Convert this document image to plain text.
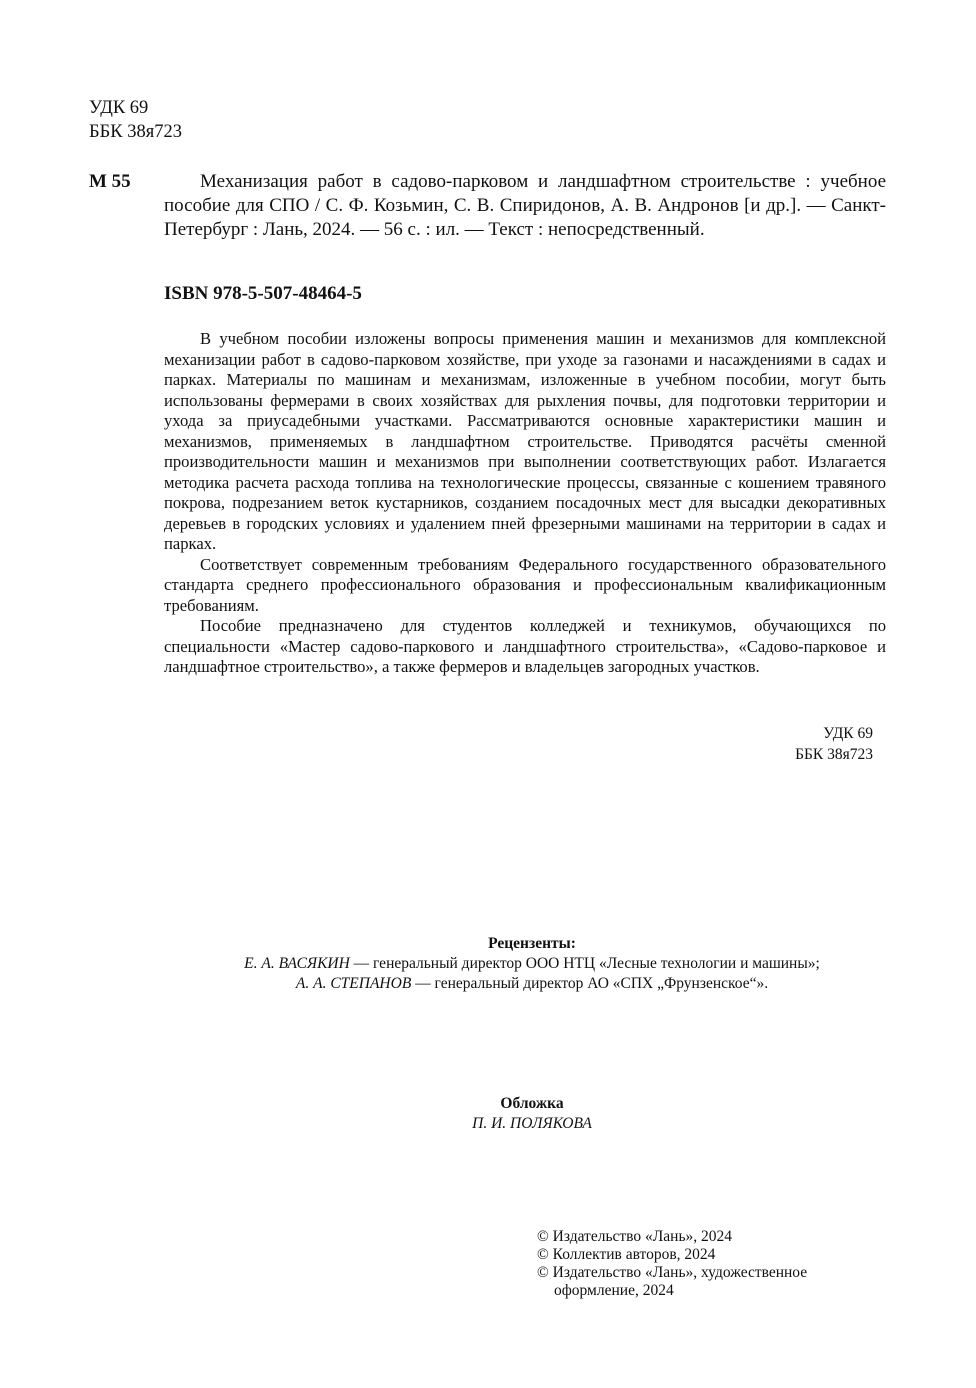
УДК 69
ББК 38я723
М 55	Механизация работ в садово-парковом и ландшафтном строительстве : учебное пособие для СПО / С. Ф. Козьмин, С. В. Спиридонов, А. В. Андронов [и др.]. — Санкт-Петербург : Лань, 2024. — 56 с. : ил. — Текст : непосредственный.
ISBN 978-5-507-48464-5

В учебном пособии изложены вопросы применения машин и механизмов для комплексной механизации работ в садово-парковом хозяйстве, при уходе за газонами и насаждениями в садах и парках. Материалы по машинам и механизмам, изложенные в учебном пособии, могут быть использованы фермерами в своих хозяйствах для рыхления почвы, для подготовки территории и ухода за приусадебными участками. Рассматриваются основные характеристики машин и механизмов, применяемых в ландшафтном строительстве. Приводятся расчёты сменной производительности машин и механизмов при выполнении соответствующих работ. Излагается методика расчета расхода топлива на технологические процессы, связанные с кошением травяного покрова, подрезанием веток кустарников, созданием посадочных мест для высадки декоративных деревьев в городских условиях и удалением пней фрезерными машинами на территории в садах и парках.

Соответствует современным требованиям Федерального государственного образовательного стандарта среднего профессионального образования и профессиональным квалификационным требованиям.

Пособие предназначено для студентов колледжей и техникумов, обучающихся по специальности «Мастер садово-паркового и ландшафтного строительства», «Садово-парковое и ландшафтное строительство», а также фермеров и владельцев загородных участков.

УДК 69
ББК 38я723
Рецензенты:
Е. А. ВАСЯКИН — генеральный директор ООО НТЦ «Лесные технологии и машины»;
А. А. СТЕПАНОВ — генеральный директор АО «СПХ „Фрунзенское“».
Обложка
П. И. ПОЛЯКОВА
© Издательство «Лань», 2024
© Коллектив авторов, 2024
© Издательство «Лань», художественное
оформление, 2024
